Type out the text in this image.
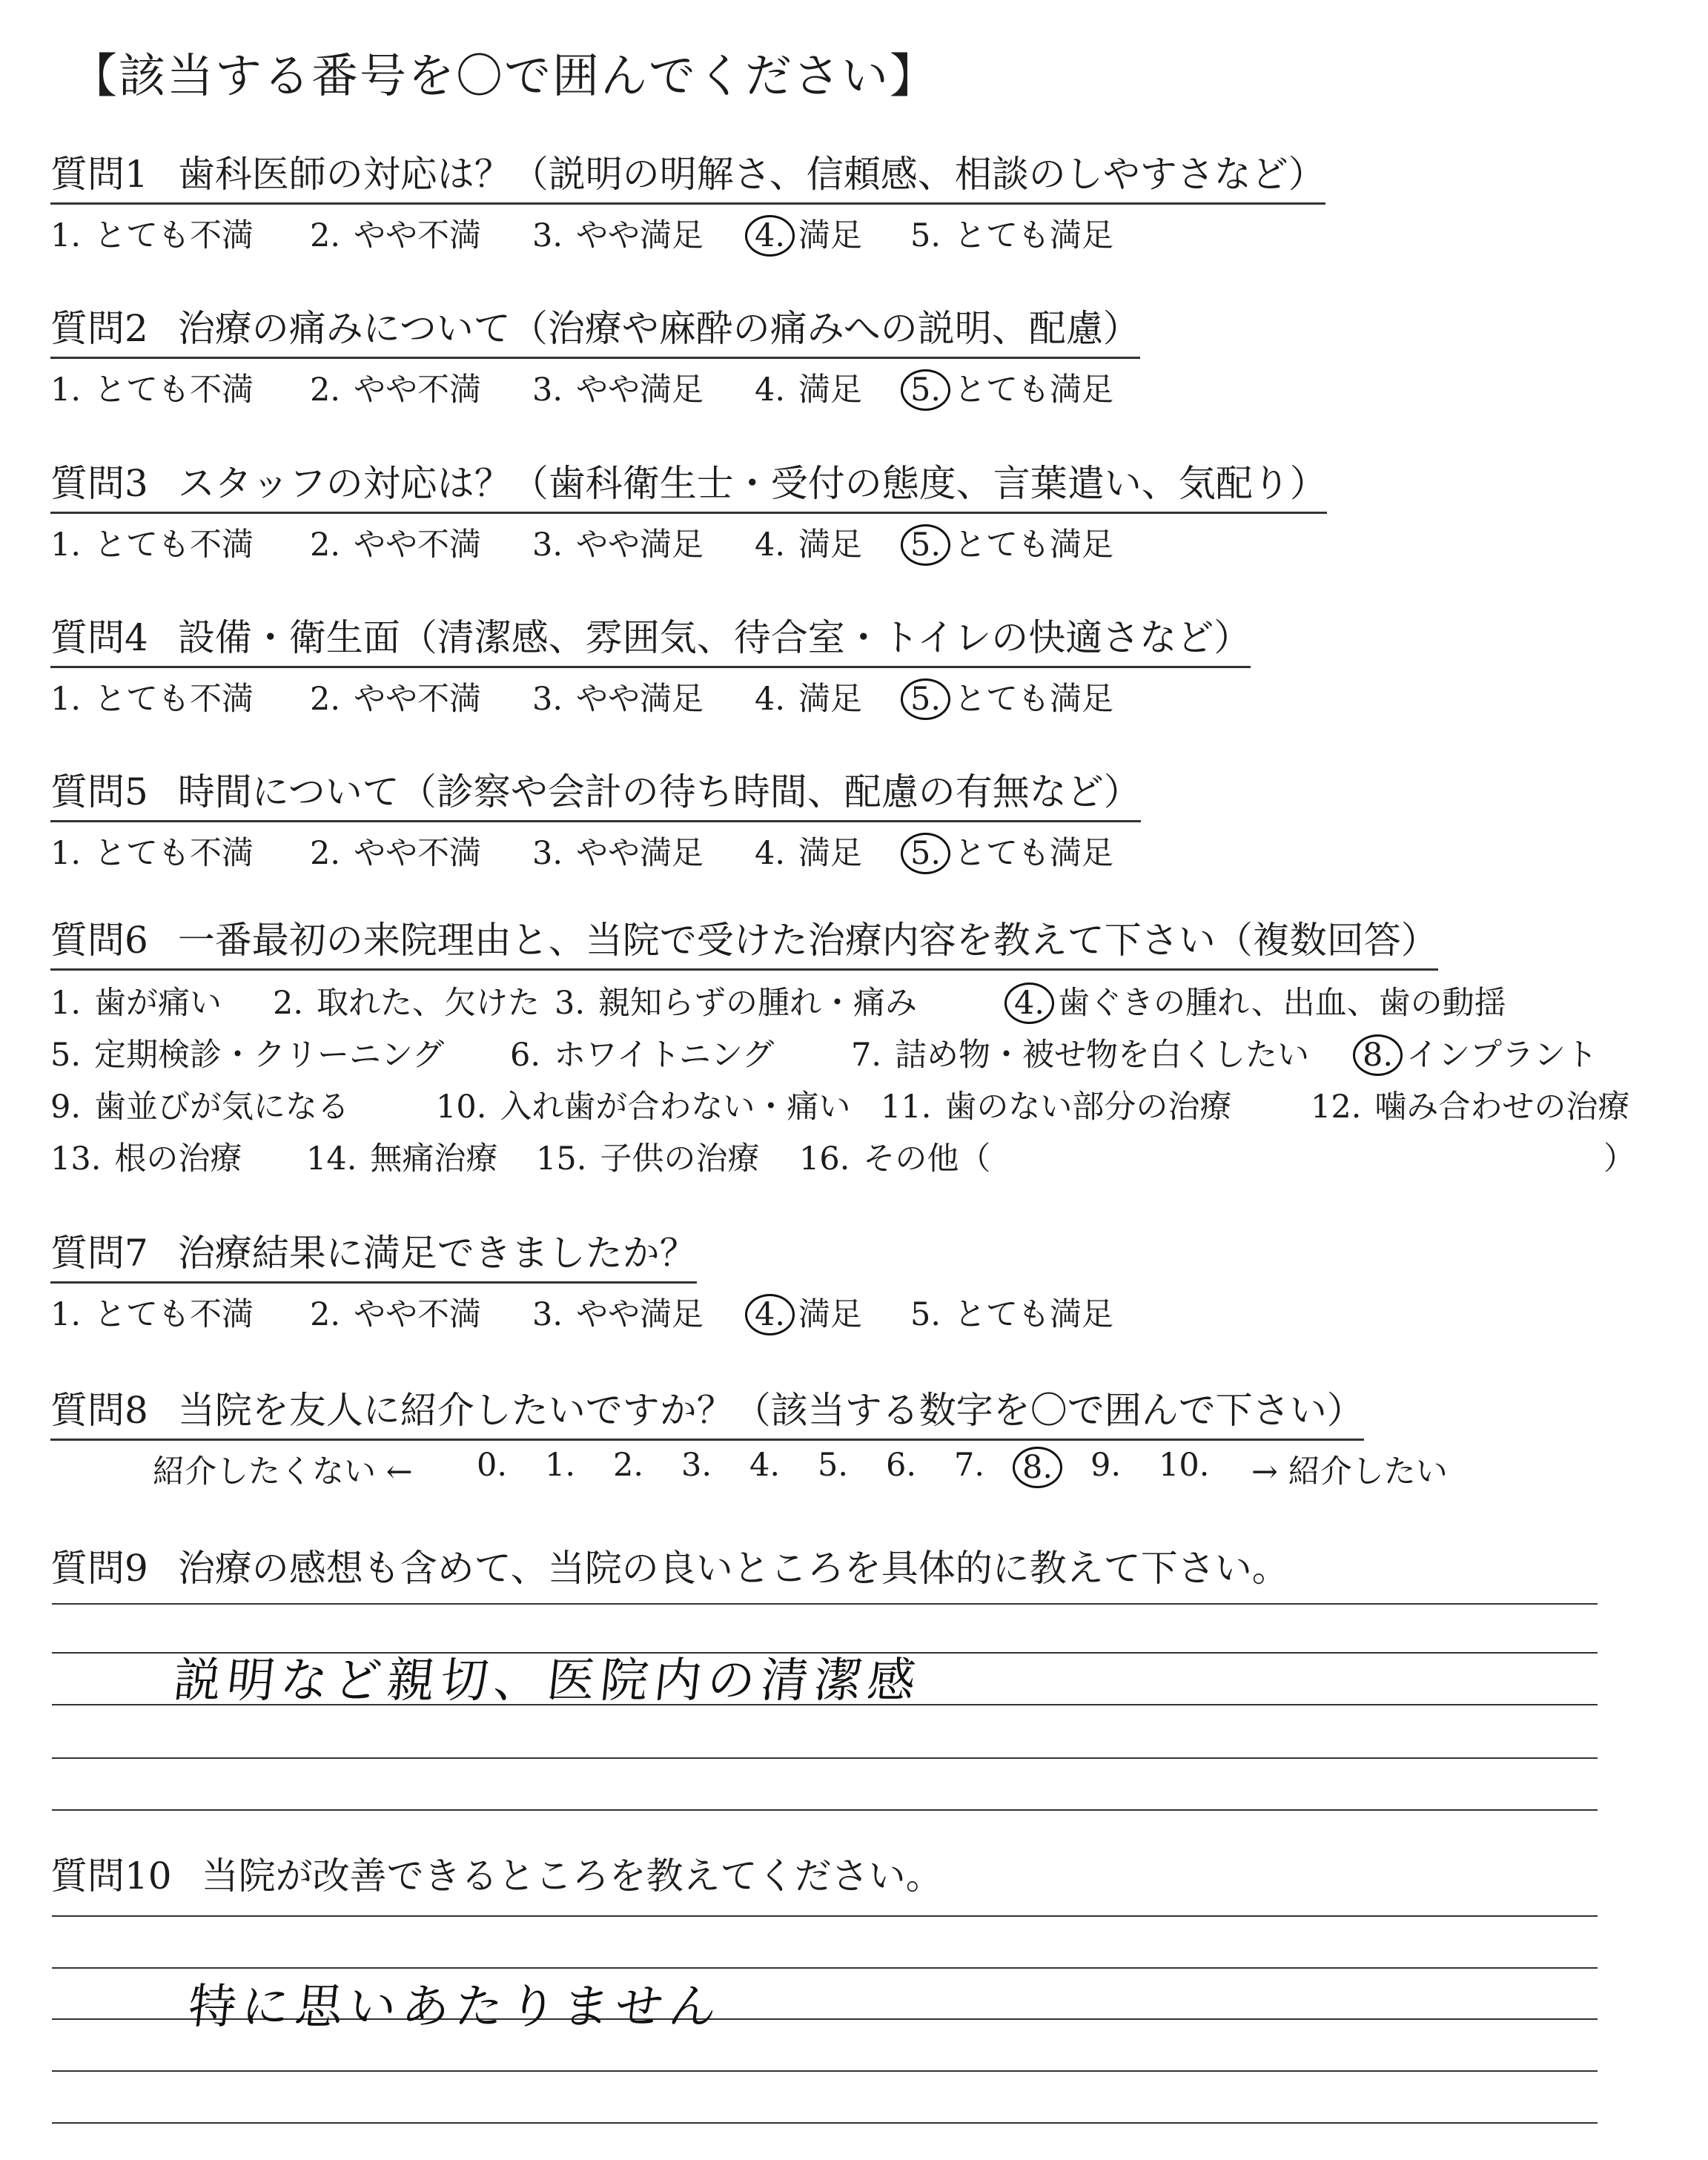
【該当する番号を〇で囲んでください】
質問1 歯科医師の対応は？（説明の明解さ、信頼感、相談のしやすさなど）
1. とても不満 2. やや不満 3. やや満足 4. 満足 5. とても満足
質問2 治療の痛みについて（治療や麻酔の痛みへの説明、配慮）
1. とても不満 2. やや不満 3. やや満足 4. 満足 5. とても満足
質問3 スタッフの対応は？（歯科衛生士・受付の態度、言葉遣い、気配り）
1. とても不満 2. やや不満 3. やや満足 4. 満足 5. とても満足
質問4 設備・衛生面（清潔感、雰囲気、待合室・トイレの快適さなど）
1. とても不満 2. やや不満 3. やや満足 4. 満足 5. とても満足
質問5 時間について（診察や会計の待ち時間、配慮の有無など）
1. とても不満 2. やや不満 3. やや満足 4. 満足 5. とても満足
質問6 一番最初の来院理由と、当院で受けた治療内容を教えて下さい（複数回答）
1. 歯が痛い 2. 取れた、欠けた 3. 親知らずの腫れ・痛み	4. 歯ぐきの腫れ、出血、歯の動揺
5. 定期検診・クリーニング 6. ホワイトニング 7. 詰め物・被せ物を白くしたい 8. インプラント
9. 歯並びが気になる	10. 入れ歯が合わない・痛い 11. 歯のない部分の治療 12. 噛み合わせの治療
13. 根の治療 14. 無痛治療 15. 子供の治療 16. その他（	）
質問7 治療結果に満足できましたか？
1. とても不満 2. やや不満 3. やや満足 4. 満足 5. とても満足
質問8 当院を友人に紹介したいですか？（該当する数字を〇で囲んで下さい）
紹介したくない ← 0.	1.	2.	3.	4.	5.	6.	7.	8.	9.	10.	→ 紹介したい
質問9 治療の感想も含めて、当院の良いところを具体的に教えて下さい。
説明など親切、医院内の清潔感
質問10 当院が改善できるところを教えてください。
特に思いあたりません
